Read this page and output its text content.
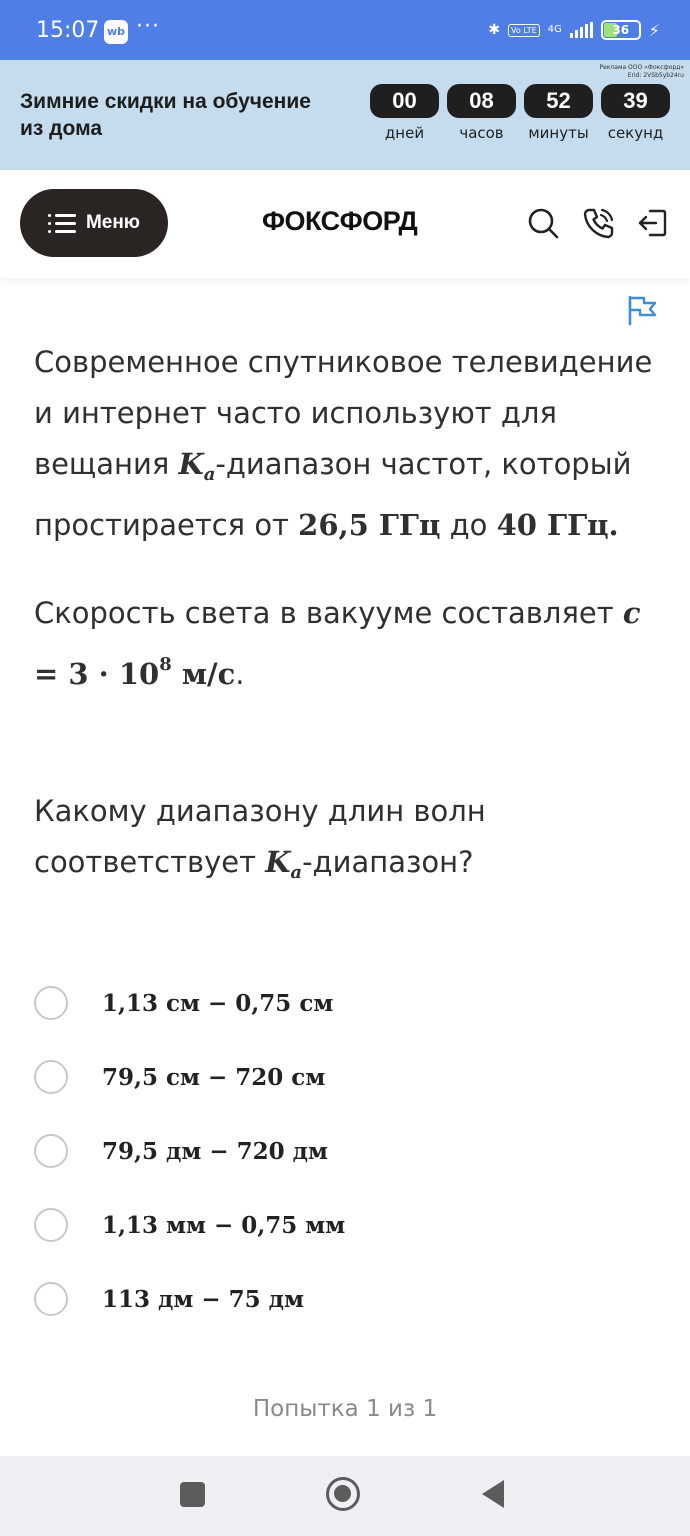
15:07 wb ···	✱	Vo LTE	4G	36	⚡
Зимние скидки на обучение из дома
Реклама ООО «Фоксфорд»
Erid: 2VSb5yb24ru
00
дней
08
часов
52
минуты
39
секунд
Меню	ФОКСФОРД
Современное спутниковое телевидение и интернет часто используют для вещания $K_a$-диапазон частот, который простирается от 26,5 ГГц до 40 ГГц.
Скорость света в вакууме составляет $c = 3 \cdot 10^8$ м/с.
Какому диапазону длин волн соответствует $K_a$-диапазон?
1,13 см − 0,75 см
79,5 см − 720 см
79,5 дм − 720 дм
1,13 мм − 0,75 мм
113 дм − 75 дм
Попытка 1 из 1
